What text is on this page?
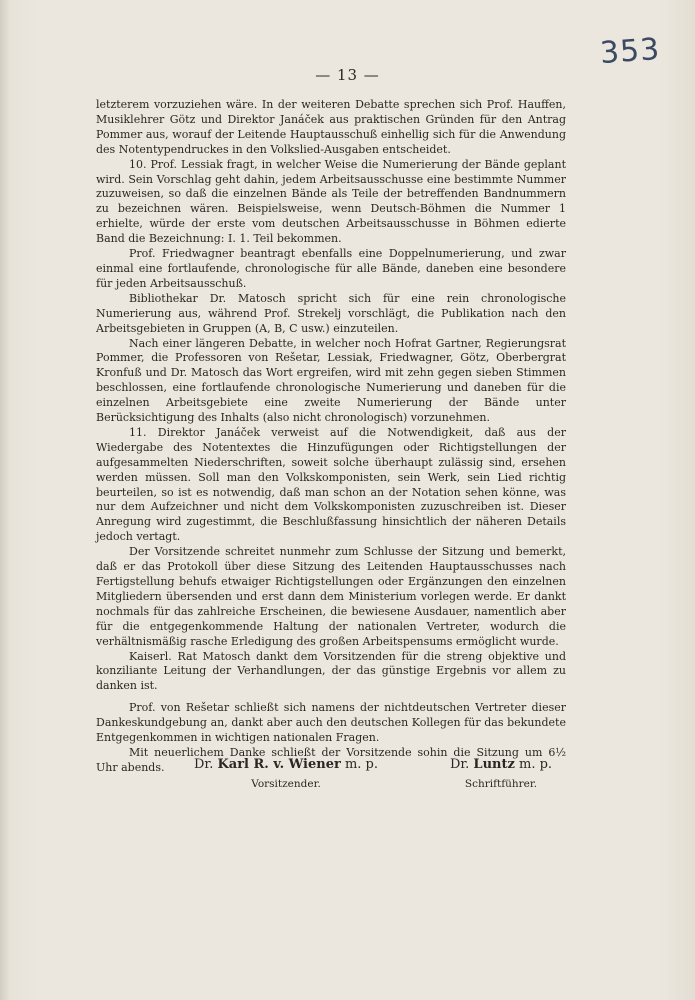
— 13 —
353

letzterem vorzuziehen wäre. In der weiteren Debatte sprechen sich Prof. Hauffen, Musiklehrer Götz und Direktor Janáček aus praktischen Gründen für den Antrag Pommer aus, worauf der Leitende Hauptausschuß einhellig sich für die Anwendung des Notentypendruckes in den Volkslied-Ausgaben entscheidet.

10. Prof. Lessiak fragt, in welcher Weise die Numerierung der Bände geplant wird. Sein Vorschlag geht dahin, jedem Arbeitsausschusse eine bestimmte Nummer zuzuweisen, so daß die einzelnen Bände als Teile der betreffenden Bandnummern zu bezeichnen wären. Beispielsweise, wenn Deutsch-Böhmen die Nummer 1 erhielte, würde der erste vom deutschen Arbeitsausschusse in Böhmen edierte Band die Bezeichnung: I. 1. Teil bekommen.

Prof. Friedwagner beantragt ebenfalls eine Doppelnumerierung, und zwar einmal eine fortlaufende, chronologische für alle Bände, daneben eine besondere für jeden Arbeitsausschuß.

Bibliothekar Dr. Matosch spricht sich für eine rein chronologische Numerierung aus, während Prof. Strekelj vorschlägt, die Publikation nach den Arbeitsgebieten in Gruppen (A, B, C usw.) einzuteilen.

Nach einer längeren Debatte, in welcher noch Hofrat Gartner, Regierungsrat Pommer, die Professoren von Rešetar, Lessiak, Friedwagner, Götz, Oberbergrat Kronfuß und Dr. Matosch das Wort ergreifen, wird mit zehn gegen sieben Stimmen beschlossen, eine fortlaufende chronologische Numerierung und daneben für die einzelnen Arbeitsgebiete eine zweite Numerierung der Bände unter Berücksichtigung des Inhalts (also nicht chronologisch) vorzunehmen.

11. Direktor Janáček verweist auf die Notwendigkeit, daß aus der Wiedergabe des Notentextes die Hinzufügungen oder Richtigstellungen der aufgesammelten Niederschriften, soweit solche überhaupt zulässig sind, ersehen werden müssen. Soll man den Volkskomponisten, sein Werk, sein Lied richtig beurteilen, so ist es notwendig, daß man schon an der Notation sehen könne, was nur dem Aufzeichner und nicht dem Volkskomponisten zuzuschreiben ist. Dieser Anregung wird zugestimmt, die Beschlußfassung hinsichtlich der näheren Details jedoch vertagt.

Der Vorsitzende schreitet nunmehr zum Schlusse der Sitzung und bemerkt, daß er das Protokoll über diese Sitzung des Leitenden Hauptausschusses nach Fertigstellung behufs etwaiger Richtigstellungen oder Ergänzungen den einzelnen Mitgliedern übersenden und erst dann dem Ministerium vorlegen werde. Er dankt nochmals für das zahlreiche Erscheinen, die bewiesene Ausdauer, namentlich aber für die entgegenkommende Haltung der nationalen Vertreter, wodurch die verhältnismäßig rasche Erledigung des großen Arbeitspensums ermöglicht wurde.

Kaiserl. Rat Matosch dankt dem Vorsitzenden für die streng objektive und konziliante Leitung der Verhandlungen, der das günstige Ergebnis vor allem zu danken ist.

Prof. von Rešetar schließt sich namens der nichtdeutschen Vertreter dieser Dankeskundgebung an, dankt aber auch den deutschen Kollegen für das bekundete Entgegenkommen in wichtigen nationalen Fragen.

Mit neuerlichem Danke schließt der Vorsitzende sohin die Sitzung um 6½ Uhr abends.	Dr. Karl R. v. Wiener m. p.
Vorsitzender.
Dr. Luntz m. p.
Schriftführer.
